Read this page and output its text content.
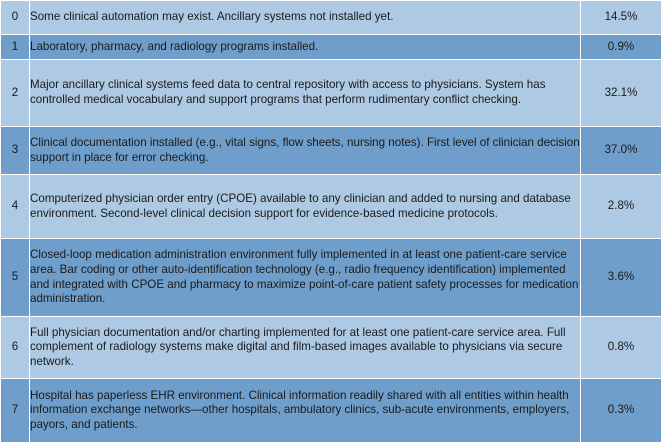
0	Some clinical automation may exist. Ancillary systems not installed yet.	14.5%
1	Laboratory, pharmacy, and radiology programs installed.	0.9%
2	Major ancillary clinical systems feed data to central repository with access to physicians. System has controlled medical vocabulary and support programs that perform rudimentary conflict checking.	32.1%
3	Clinical documentation installed (e.g., vital signs, flow sheets, nursing notes). First level of clinician decision support in place for error checking.	37.0%
4	Computerized physician order entry (CPOE) available to any clinician and added to nursing and database environment. Second-level clinical decision support for evidence-based medicine protocols.	2.8%
5	Closed-loop medication administration environment fully implemented in at least one patient-care service area. Bar coding or other auto-identification technology (e.g., radio frequency identification) implemented and integrated with CPOE and pharmacy to maximize point-of-care patient safety processes for medication administration.	3.6%
6	Full physician documentation and/or charting implemented for at least one patient-care service area. Full complement of radiology systems make digital and film-based images available to physicians via secure network.	0.8%
7	Hospital has paperless EHR environment. Clinical information readily shared with all entities within health information exchange networks—other hospitals, ambulatory clinics, sub-acute environments, employers, payors, and patients.	0.3%
